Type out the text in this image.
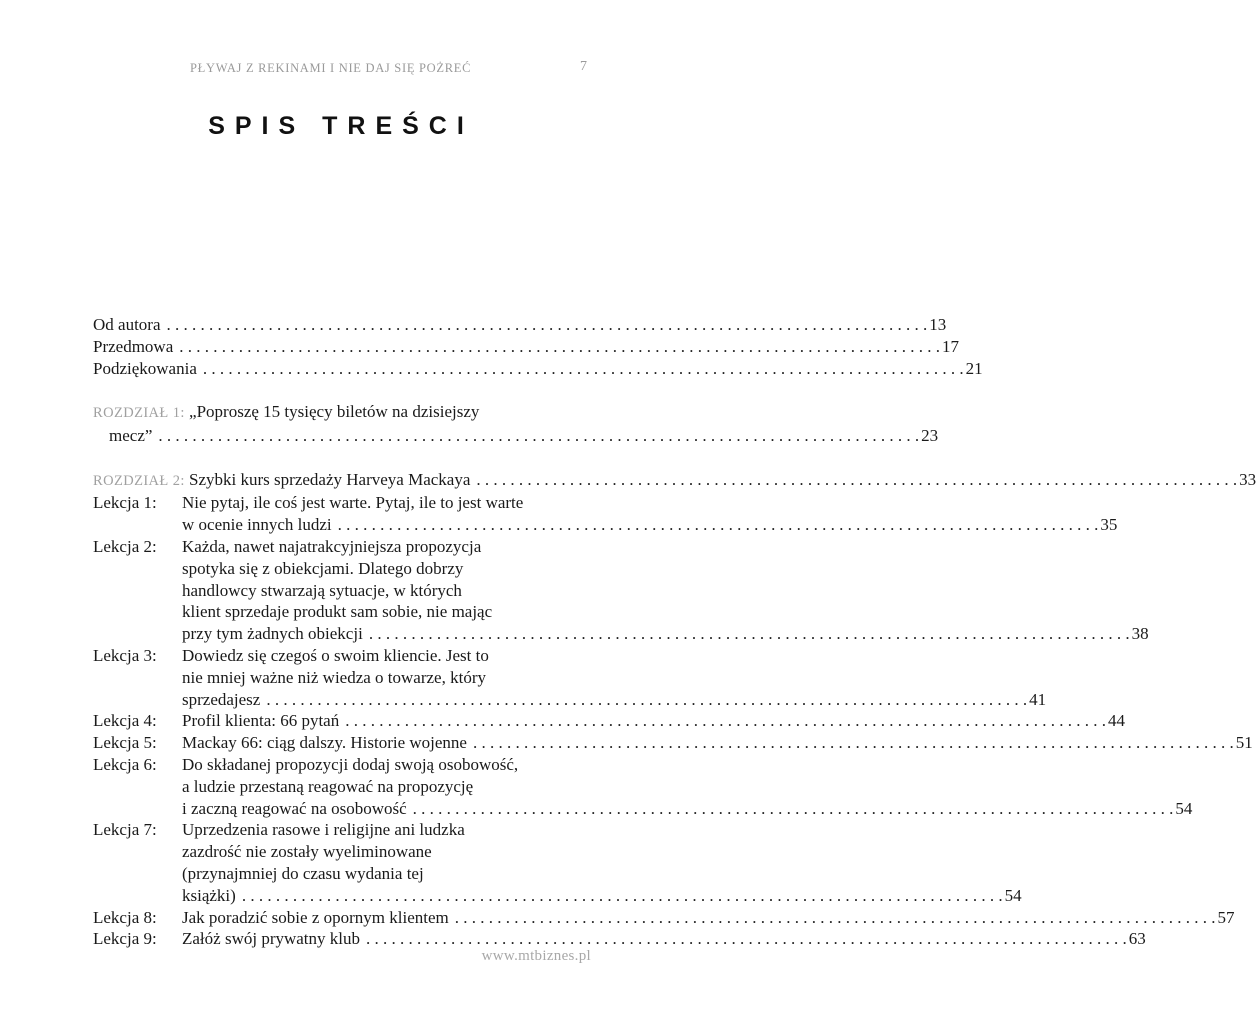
PŁYWAJ Z REKINAMI I NIE DAJ SIĘ POŻREĆ	7
SPIS TREŚCI
Od autora . . .	13
Przedmowa . . .	17
Podziękowania . . .	21
ROZDZIAŁ 1: „Poproszę 15 tysięcy biletów na dzisiejszy
mecz” . . .	23
ROZDZIAŁ 2: Szybki kurs sprzedaży Harveya Mackaya . . .	33
Lekcja 1:	Nie pytaj, ile coś jest warte. Pytaj, ile to jest warte
w ocenie innych ludzi . . .	35
Lekcja 2:	Każda, nawet najatrakcyjniejsza propozycja
spotyka się z obiekcjami. Dlatego dobrzy
handlowcy stwarzają sytuacje, w których
klient sprzedaje produkt sam sobie, nie mając
przy tym żadnych obiekcji . . .	38
Lekcja 3:	Dowiedz się czegoś o swoim kliencie. Jest to
nie mniej ważne niż wiedza o towarze, który
sprzedajesz . . .	41
Lekcja 4:	Profil klienta: 66 pytań . . .	44
Lekcja 5:	Mackay 66: ciąg dalszy. Historie wojenne . . .	51
Lekcja 6:	Do składanej propozycji dodaj swoją osobowość,
a ludzie przestaną reagować na propozycję
i zaczną reagować na osobowość . . .	54
Lekcja 7:	Uprzedzenia rasowe i religijne ani ludzka
zazdrość nie zostały wyeliminowane
(przynajmniej do czasu wydania tej
książki) . . .	54
Lekcja 8:	Jak poradzić sobie z opornym klientem . . .	57
Lekcja 9:	Załóż swój prywatny klub . . .	63
www.mtbiznes.pl
